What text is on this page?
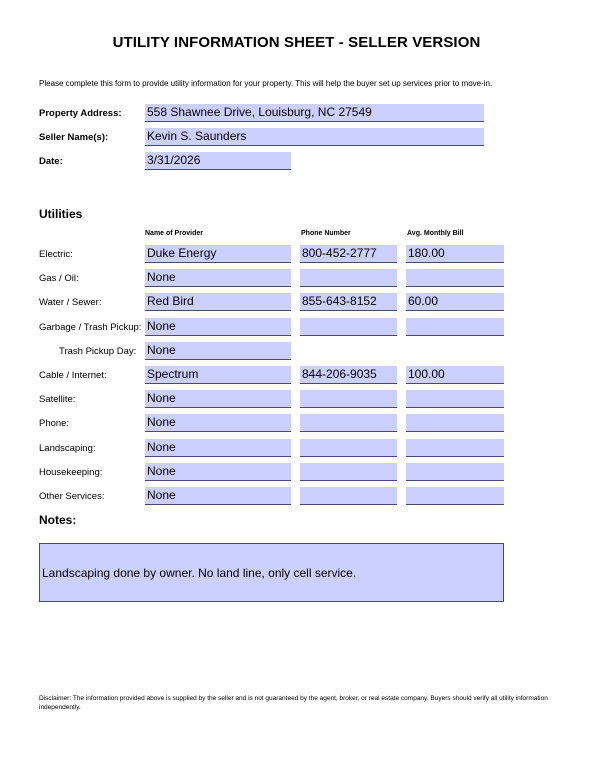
UTILITY INFORMATION SHEET - SELLER VERSION
Please complete this form to provide utility information for your property. This will help the buyer set up services prior to move-in.
Property Address: 558 Shawnee Drive, Louisburg, NC 27549
Seller Name(s):	Kevin S. Saunders
Date:	3/31/2026
Utilities
Name of Provider	Phone Number	Avg. Monthly Bill
Electric:	Duke Energy	800-452-2777	180.00
Gas / Oil:	None
Water / Sewer:	Red Bird	855-643-8152	60.00
Garbage / Trash Pickup: None
Trash Pickup Day: None
Cable / Internet:	Spectrum	844-206-9035	100.00
Satellite:	None
Phone:	None
Landscaping:	None
Housekeeping:	None
Other Services:	None
Notes:
Landscaping done by owner. No land line, only cell service.
Disclaimer: The information provided above is supplied by the seller and is not guaranteed by the agent, broker, or real estate company. Buyers should verify all utility information independently.
